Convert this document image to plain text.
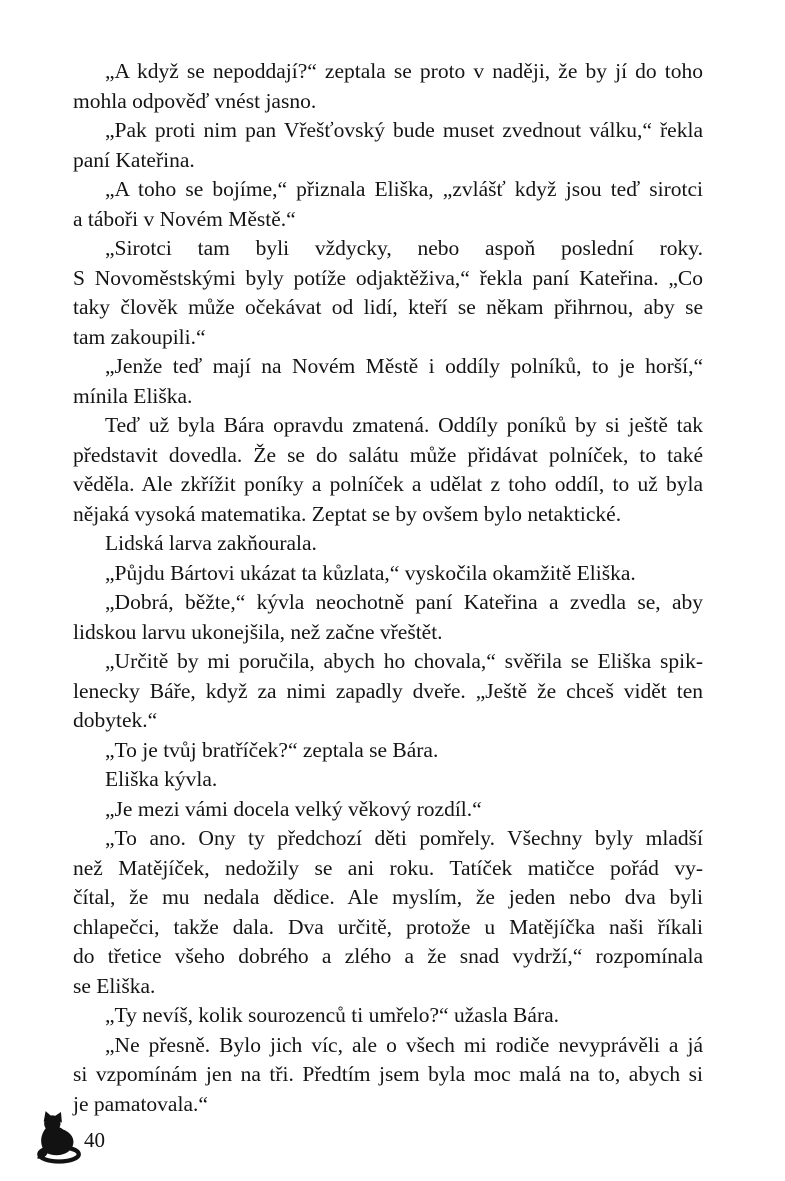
„A když se nepoddají?“ zeptala se proto v naději, že by jí do toho
mohla odpověď vnést jasno.

„Pak proti nim pan Vřešťovský bude muset zvednout válku,“ řekla
paní Kateřina.

„A toho se bojíme,“ přiznala Eliška, „zvlášť když jsou teď sirotci
a táboři v Novém Městě.“

„Sirotci tam byli vždycky, nebo aspoň poslední roky.
S Novoměstskými byly potíže odjaktěživa,“ řekla paní Kateřina. „Co
taky člověk může očekávat od lidí, kteří se někam přihrnou, aby se
tam zakoupili.“

„Jenže teď mají na Novém Městě i oddíly polníků, to je horší,“
mínila Eliška.

Teď už byla Bára opravdu zmatená. Oddíly poníků by si ještě tak
představit dovedla. Že se do salátu může přidávat polníček, to také
věděla. Ale zkřížit poníky a polníček a udělat z toho oddíl, to už byla
nějaká vysoká matematika. Zeptat se by ovšem bylo netaktické.

Lidská larva zakňourala.

„Půjdu Bártovi ukázat ta kůzlata,“ vyskočila okamžitě Eliška.

„Dobrá, běžte,“ kývla neochotně paní Kateřina a zvedla se, aby
lidskou larvu ukonejšila, než začne vřeštět.

„Určitě by mi poručila, abych ho chovala,“ svěřila se Eliška spik-
lenecky Báře, když za nimi zapadly dveře. „Ještě že chceš vidět ten
dobytek.“

„To je tvůj bratříček?“ zeptala se Bára.

Eliška kývla.

„Je mezi vámi docela velký věkový rozdíl.“

„To ano. Ony ty předchozí děti pomřely. Všechny byly mladší
než Matějíček, nedožily se ani roku. Tatíček matičce pořád vy-
čítal, že mu nedala dědice. Ale myslím, že jeden nebo dva byli
chlapečci, takže dala. Dva určitě, protože u Matějíčka naši říkali
do třetice všeho dobrého a zlého a že snad vydrží,“ rozpomínala
se Eliška.

„Ty nevíš, kolik sourozenců ti umřelo?“ užasla Bára.

„Ne přesně. Bylo jich víc, ale o všech mi rodiče nevyprávěli a já
si vzpomínám jen na tři. Předtím jsem byla moc malá na to, abych si
je pamatovala.“

40
